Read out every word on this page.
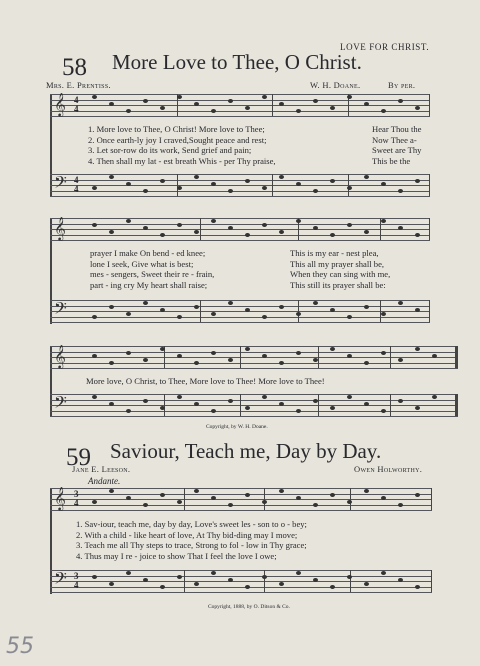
LOVE FOR CHRIST.
58 More Love to Thee, O Christ.
Mrs. E. Prentiss.	W. H. Doane.	By per.
𝄞 4
4
1. More love to Thee, O Christ! More love to Thee;
2. Once earth-ly joy I craved,Sought peace and rest;
3. Let sor-row do its work, Send grief and pain;
4. Then shall my lat - est breath Whis - per Thy praise,
Hear Thou the
Now Thee a-
Sweet are Thy
This be the
𝄢 4
4
𝄞
prayer I make On bend - ed knee;
lone I seek, Give what is best;
mes - sengers, Sweet their re - frain,
part - ing cry My heart shall raise;
This is my ear - nest plea,
This all my prayer shall be,
When they can sing with me,
This still its prayer shall be:
𝄢
𝄞
More love, O Christ, to Thee, More love to Thee! More love to Thee!
𝄢
Copyright, by W. H. Doane.
59 Saviour, Teach me, Day by Day.
Jane E. Leeson.	Owen Holworthy.
Andante.
𝄞 3
4
1. Sav-iour, teach me, day by day, Love's sweet les - son to o - bey;
2. With a child - like heart of love, At Thy bid-ding may I move;
3. Teach me all Thy steps to trace, Strong to fol - low in Thy grace;
4. Thus may I re - joice to show That I feel the love I owe;
𝄢 3
4
Copyright, 1888, by O. Ditson & Co.
55
